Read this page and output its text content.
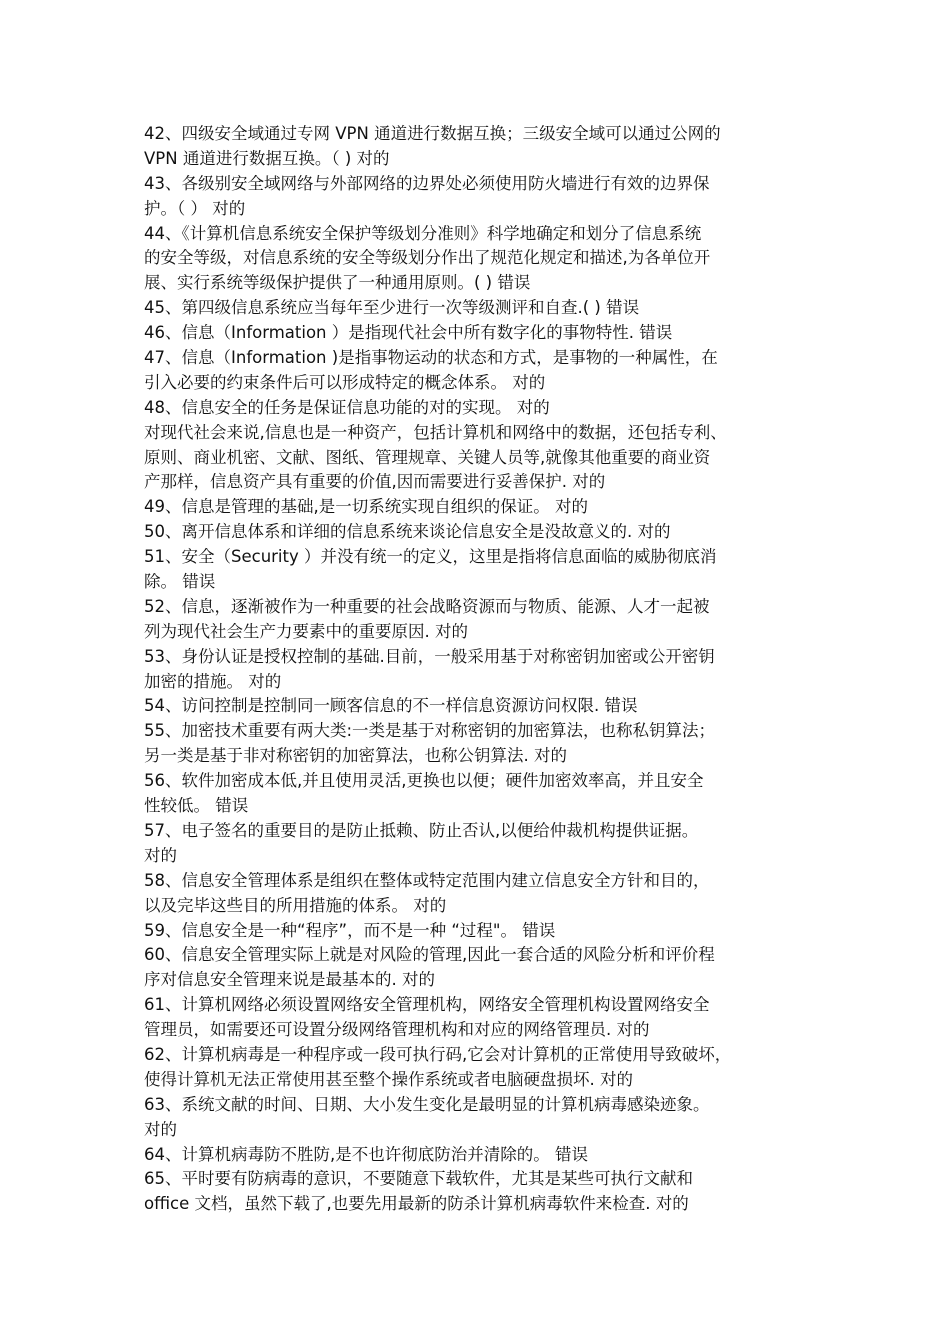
42、四级安全域通过专网 VPN 通道进行数据互换；三级安全域可以通过公网的
VPN 通道进行数据互换。（ ) 对的
43、各级别安全域网络与外部网络的边界处必须使用防火墙进行有效的边界保
护。（ ） 对的
44、《计算机信息系统安全保护等级划分准则》科学地确定和划分了信息系统
的安全等级，对信息系统的安全等级划分作出了规范化规定和描述,为各单位开
展、实行系统等级保护提供了一种通用原则。( ) 错误
45、第四级信息系统应当每年至少进行一次等级测评和自查.( ) 错误
46、信息（Information ）是指现代社会中所有数字化的事物特性. 错误
47、信息（Information )是指事物运动的状态和方式，是事物的一种属性，在
引入必要的约束条件后可以形成特定的概念体系。 对的
48、信息安全的任务是保证信息功能的对的实现。 对的
对现代社会来说,信息也是一种资产，包括计算机和网络中的数据，还包括专利、
原则、商业机密、文献、图纸、管理规章、关键人员等,就像其他重要的商业资
产那样，信息资产具有重要的价值,因而需要进行妥善保护. 对的
49、信息是管理的基础,是一切系统实现自组织的保证。 对的
50、离开信息体系和详细的信息系统来谈论信息安全是没故意义的. 对的
51、安全（Security ）并没有统一的定义，这里是指将信息面临的威胁彻底消
除。 错误
52、信息，逐渐被作为一种重要的社会战略资源而与物质、能源、人才一起被
列为现代社会生产力要素中的重要原因. 对的
53、身份认证是授权控制的基础.目前，一般采用基于对称密钥加密或公开密钥
加密的措施。 对的
54、访问控制是控制同一顾客信息的不一样信息资源访问权限. 错误
55、加密技术重要有两大类:一类是基于对称密钥的加密算法，也称私钥算法；
另一类是基于非对称密钥的加密算法，也称公钥算法. 对的
56、软件加密成本低,并且使用灵活,更换也以便；硬件加密效率高，并且安全
性较低。 错误
57、电子签名的重要目的是防止抵赖、防止否认,以便给仲裁机构提供证据。
对的
58、信息安全管理体系是组织在整体或特定范围内建立信息安全方针和目的，
以及完毕这些目的所用措施的体系。 对的
59、信息安全是一种“程序”，而不是一种 “过程"。 错误
60、信息安全管理实际上就是对风险的管理,因此一套合适的风险分析和评价程
序对信息安全管理来说是最基本的. 对的
61、计算机网络必须设置网络安全管理机构，网络安全管理机构设置网络安全
管理员，如需要还可设置分级网络管理机构和对应的网络管理员. 对的
62、计算机病毒是一种程序或一段可执行码,它会对计算机的正常使用导致破坏，
使得计算机无法正常使用甚至整个操作系统或者电脑硬盘损坏. 对的
63、系统文献的时间、日期、大小发生变化是最明显的计算机病毒感染迹象。
对的
64、计算机病毒防不胜防,是不也许彻底防治并清除的。 错误
65、平时要有防病毒的意识，不要随意下载软件，尤其是某些可执行文献和
office 文档，虽然下载了,也要先用最新的防杀计算机病毒软件来检查. 对的
